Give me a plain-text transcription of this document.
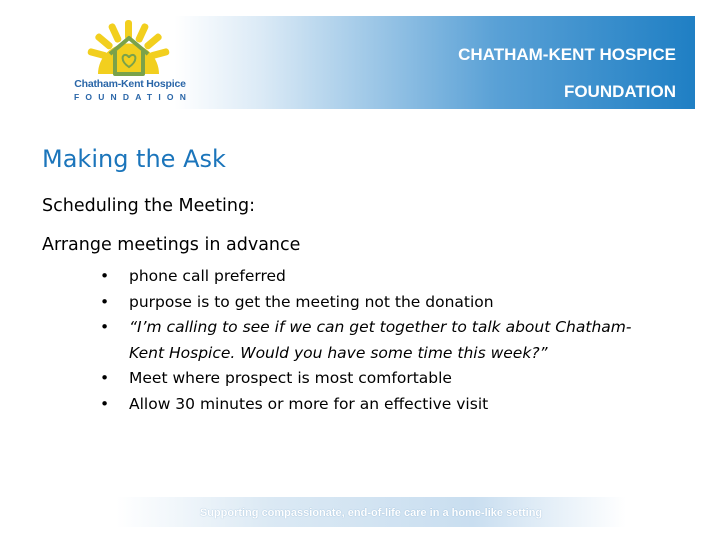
Chatham-Kent Hospice
FOUNDATION
CHATHAM-KENT HOSPICE
FOUNDATION
Making the Ask
Scheduling the Meeting:
Arrange meetings in advance
• phone call preferred
• purpose is to get the meeting not the donation
• “I’m calling to see if we can get together to talk about Chatham-Kent Hospice. Would you have some time this week?”
• Meet where prospect is most comfortable
• Allow 30 minutes or more for an effective visit
Supporting compassionate, end-of-life care in a home-like setting
